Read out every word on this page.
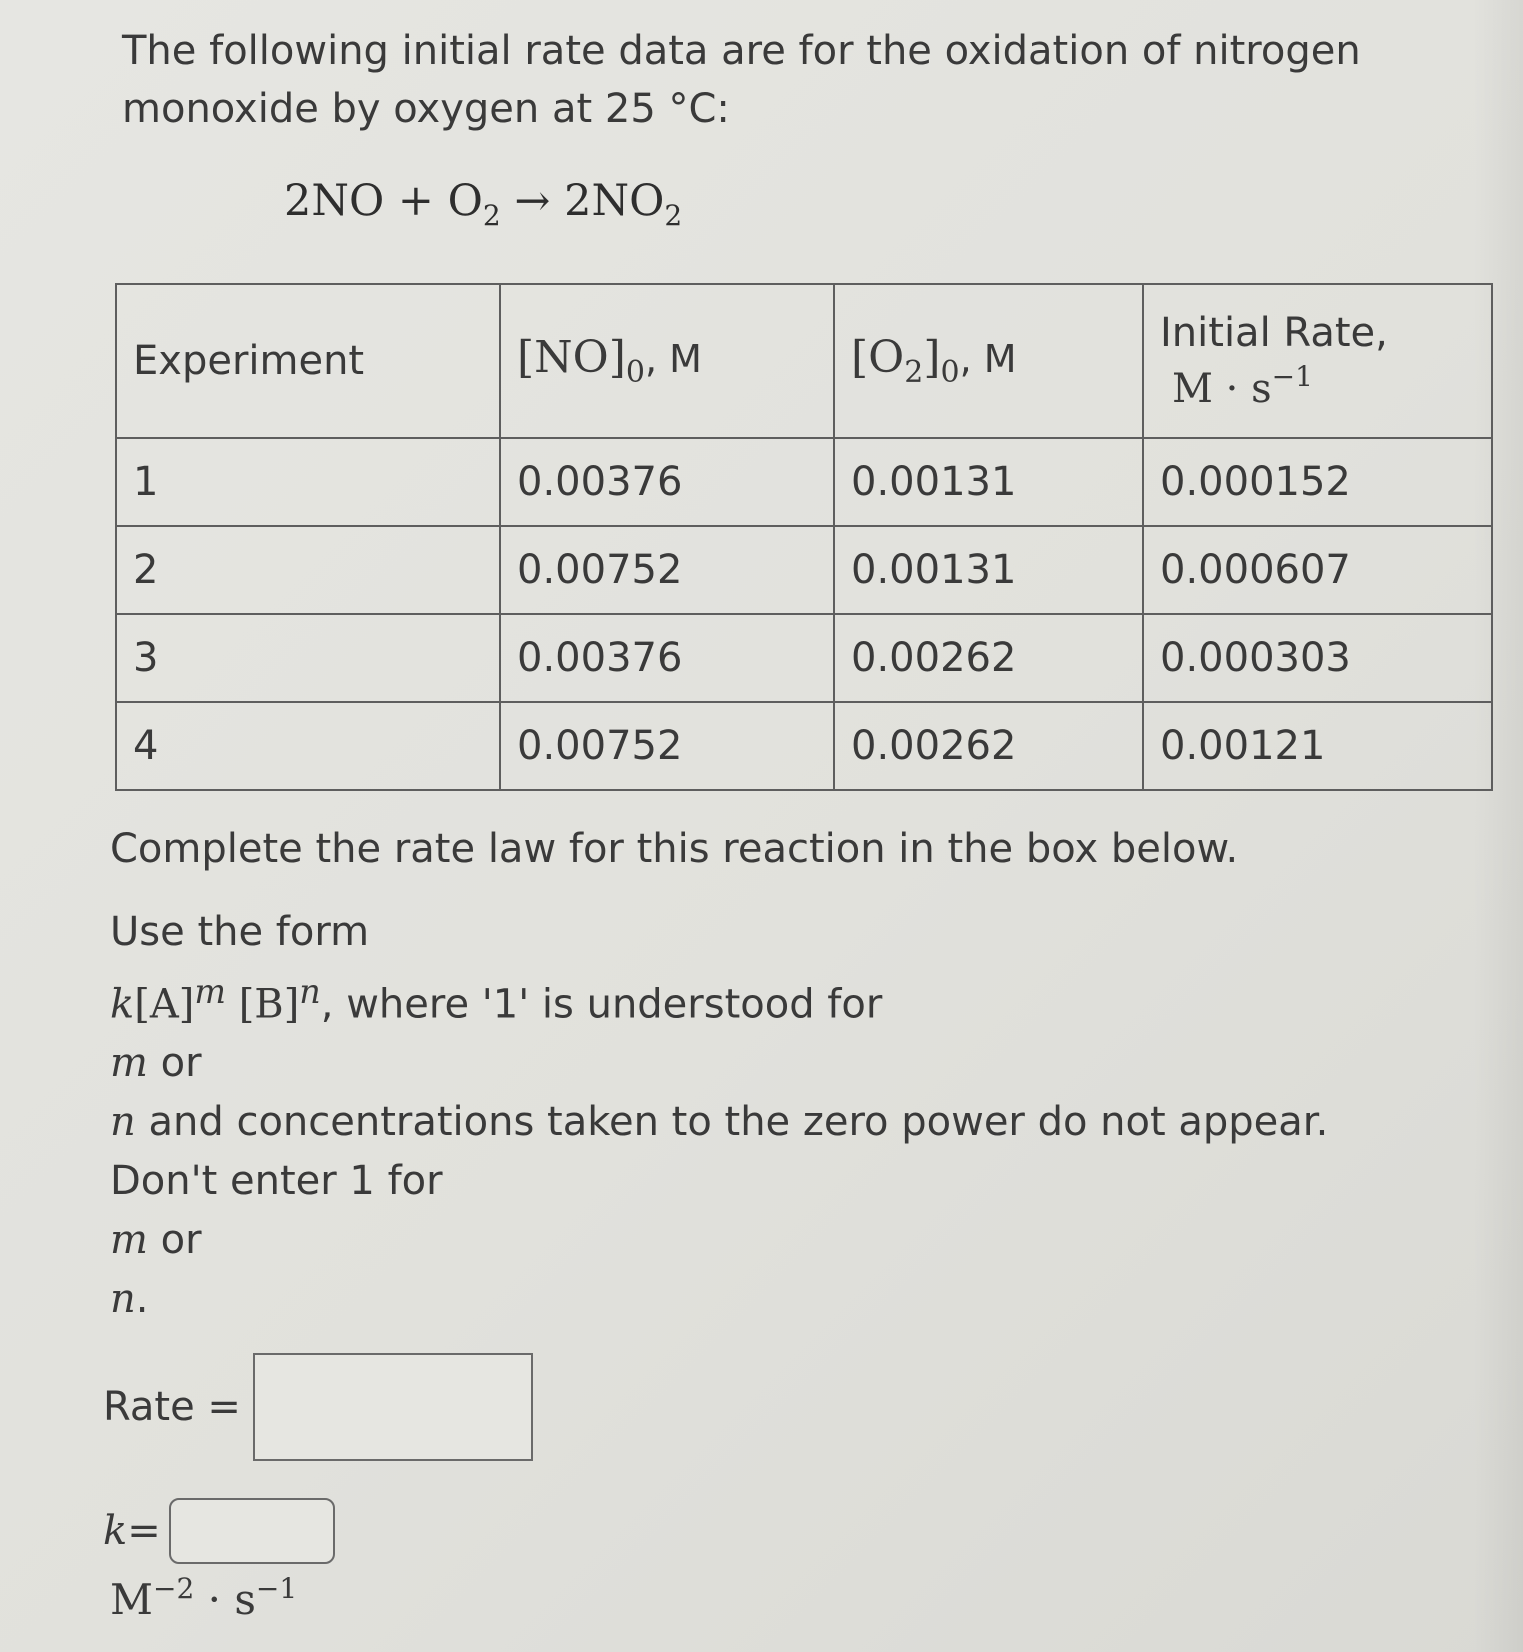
The following initial rate data are for the oxidation of nitrogen monoxide by oxygen at 25 °C:

$2NO + O_2 \to 2NO_2$
Experiment	$[NO]_0$, M	$[O_2]_0$, M	Initial Rate,
$M \cdot s^{-1}$

1	0.00376	0.00131	0.000152
2	0.00752	0.00131	0.000607
3	0.00376	0.00262	0.000303
4	0.00752	0.00262	0.00121

Complete the rate law for this reaction in the box below.

Use the form

$k[A]^m$ $[B]^n$, where '1' is understood for

m or

n and concentrations taken to the zero power do not appear.

Don't enter 1 for

m or

n.

Rate =
k =

$M^{-2} \cdot s^{-1}$
